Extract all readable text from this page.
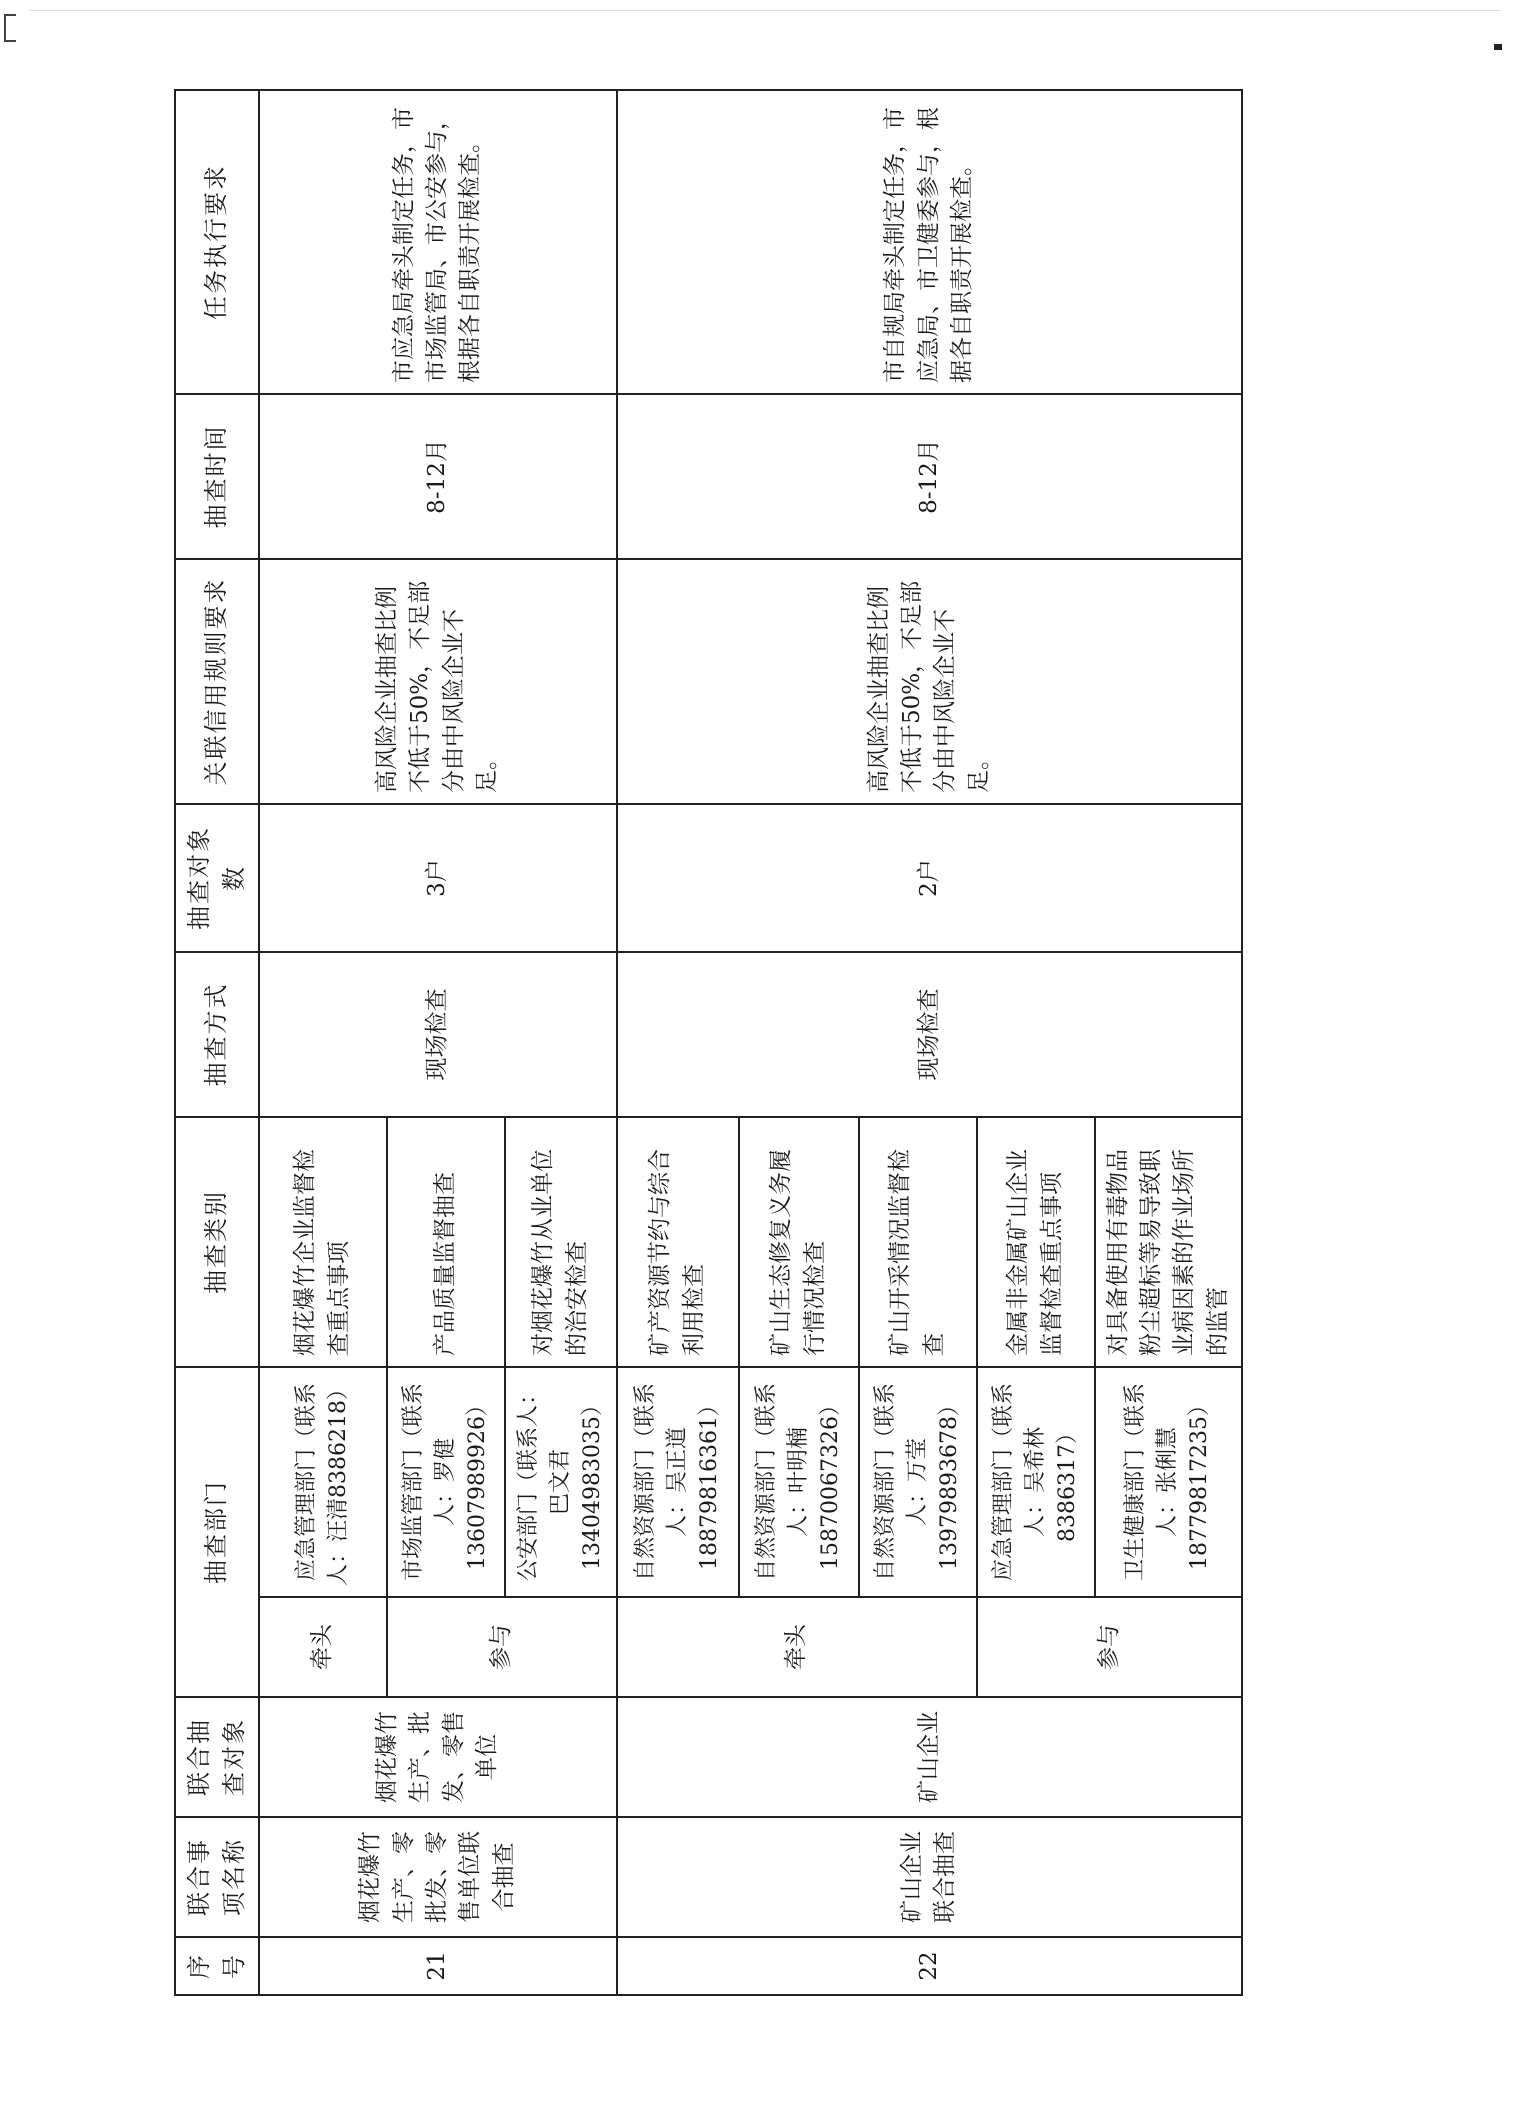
序号	联合事项名称	联合抽查对象	抽查部门		抽查类别	抽查方式	抽查对象数	关联信用规则要求	抽查时间	任务执行要求
21	烟花爆竹生产、零批发、零售单位联合抽查	烟花爆竹生产、批发、零售单位	牵头	应急管理部门（联系人：汪清8386218）	烟花爆竹企业监督检查重点事项	现场检查	3户	高风险企业抽查比例不低于50%，不足部分由中风险企业不足。	8-12月	市应急局牵头制定任务，市市场监管局、市公安参与，根据各自职责开展检查。
			参与	市场监管部门（联系人：罗健13607989926）	产品质量监督抽查					
				公安部门（联系人：巴文君13404983035）	对烟花爆竹从业单位的治安检查					
22	矿山企业联合抽查	矿山企业	牵头	自然资源部门（联系人：吴正道18879816361）	矿产资源节约与综合利用检查	现场检查	2户	高风险企业抽查比例不低于50%，不足部分由中风险企业不足。	8-12月	市自规局牵头制定任务，市应急局、市卫健委参与，根据各自职责开展检查。
				自然资源部门（联系人：叶明楠15870067326）	矿山生态修复义务履行情况检查					
				自然资源部门（联系人：万莹13979893678）	矿山开采情况监督检查					
			参与	应急管理部门（联系人：吴希林8386317）	金属非金属矿山企业监督检查重点事项					
				卫生健康部门（联系人：张俐慧18779817235）	对具备使用有毒物品粉尘超标等易导致职业病因素的作业场所的监管					
